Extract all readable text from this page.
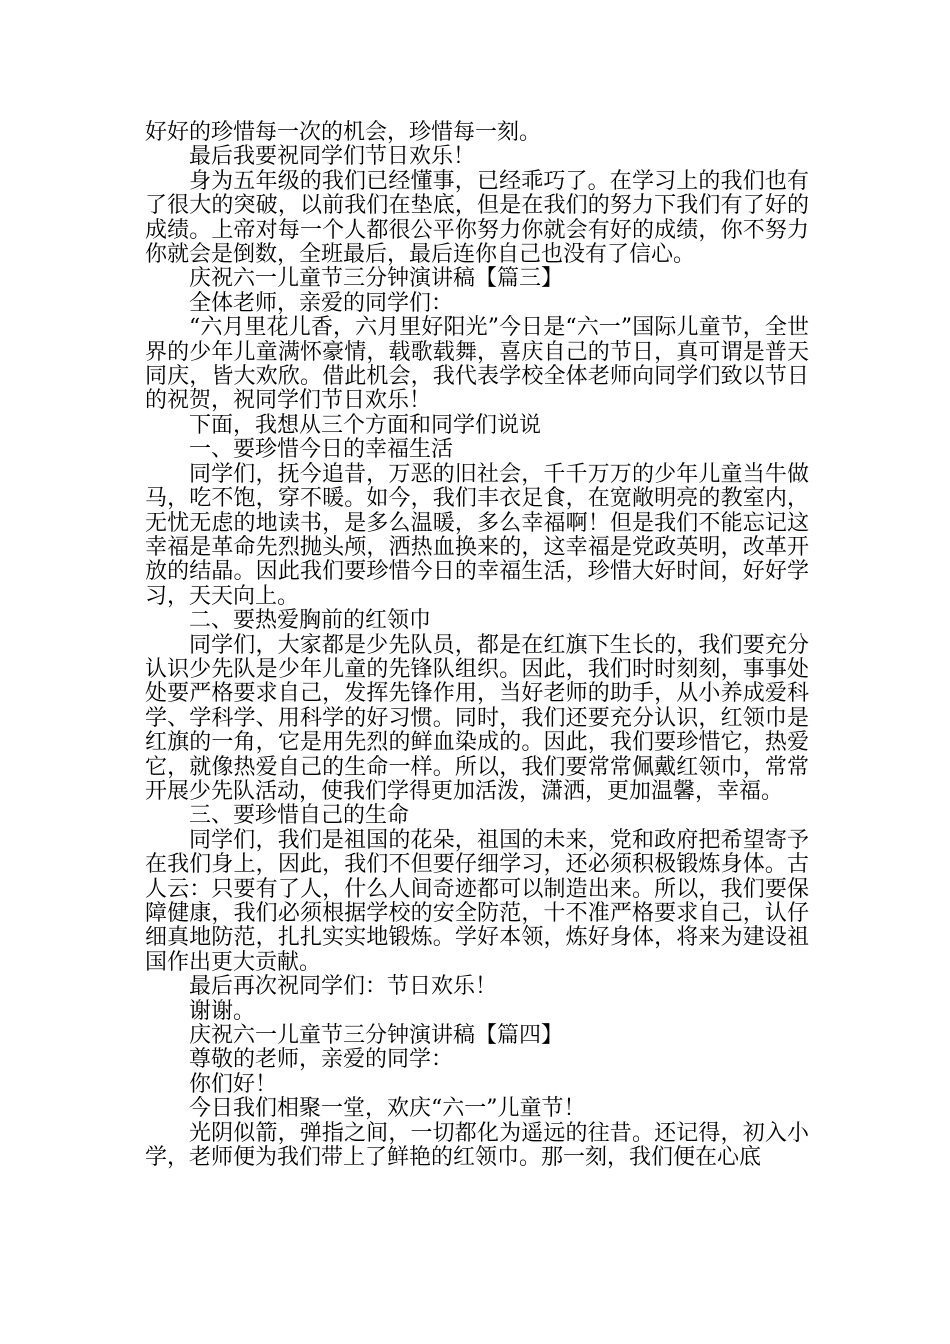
好好的珍惜每一次的机会，珍惜每一刻。

最后我要祝同学们节日欢乐！

身为五年级的我们已经懂事，已经乖巧了。在学习上的我们也有了很大的突破，以前我们在垫底，但是在我们的努力下我们有了好的成绩。上帝对每一个人都很公平你努力你就会有好的成绩，你不努力你就会是倒数，全班最后，最后连你自己也没有了信心。

庆祝六一儿童节三分钟演讲稿【篇三】

全体老师，亲爱的同学们：

“六月里花儿香，六月里好阳光”今日是“六一”国际儿童节，全世界的少年儿童满怀豪情，载歌载舞，喜庆自己的节日，真可谓是普天同庆，皆大欢欣。借此机会，我代表学校全体老师向同学们致以节日的祝贺，祝同学们节日欢乐！

下面，我想从三个方面和同学们说说

一、要珍惜今日的幸福生活

同学们，抚今追昔，万恶的旧社会，千千万万的少年儿童当牛做马，吃不饱，穿不暖。如今，我们丰衣足食，在宽敞明亮的教室内，无忧无虑的地读书，是多么温暖，多么幸福啊！但是我们不能忘记这幸福是革命先烈抛头颅，洒热血换来的，这幸福是党政英明，改革开放的结晶。因此我们要珍惜今日的幸福生活，珍惜大好时间，好好学习，天天向上。

二、要热爱胸前的红领巾

同学们，大家都是少先队员，都是在红旗下生长的，我们要充分认识少先队是少年儿童的先锋队组织。因此，我们时时刻刻，事事处处要严格要求自己，发挥先锋作用，当好老师的助手，从小养成爱科学、学科学、用科学的好习惯。同时，我们还要充分认识，红领巾是红旗的一角，它是用先烈的鲜血染成的。因此，我们要珍惜它，热爱它，就像热爱自己的生命一样。所以，我们要常常佩戴红领巾，常常开展少先队活动，使我们学得更加活泼，潇洒，更加温馨，幸福。

三、要珍惜自己的生命

同学们，我们是祖国的花朵，祖国的未来，党和政府把希望寄予在我们身上，因此，我们不但要仔细学习，还必须积极锻炼身体。古人云：只要有了人，什么人间奇迹都可以制造出来。所以，我们要保障健康，我们必须根据学校的安全防范，十不准严格要求自己，认仔细真地防范，扎扎实实地锻炼。学好本领，炼好身体，将来为建设祖国作出更大贡献。

最后再次祝同学们：节日欢乐！

谢谢。

庆祝六一儿童节三分钟演讲稿【篇四】

尊敬的老师，亲爱的同学：

你们好！

今日我们相聚一堂，欢庆“六一”儿童节！

光阴似箭，弹指之间，一切都化为遥远的往昔。还记得，初入小学，老师便为我们带上了鲜艳的红领巾。那一刻，我们便在心底
